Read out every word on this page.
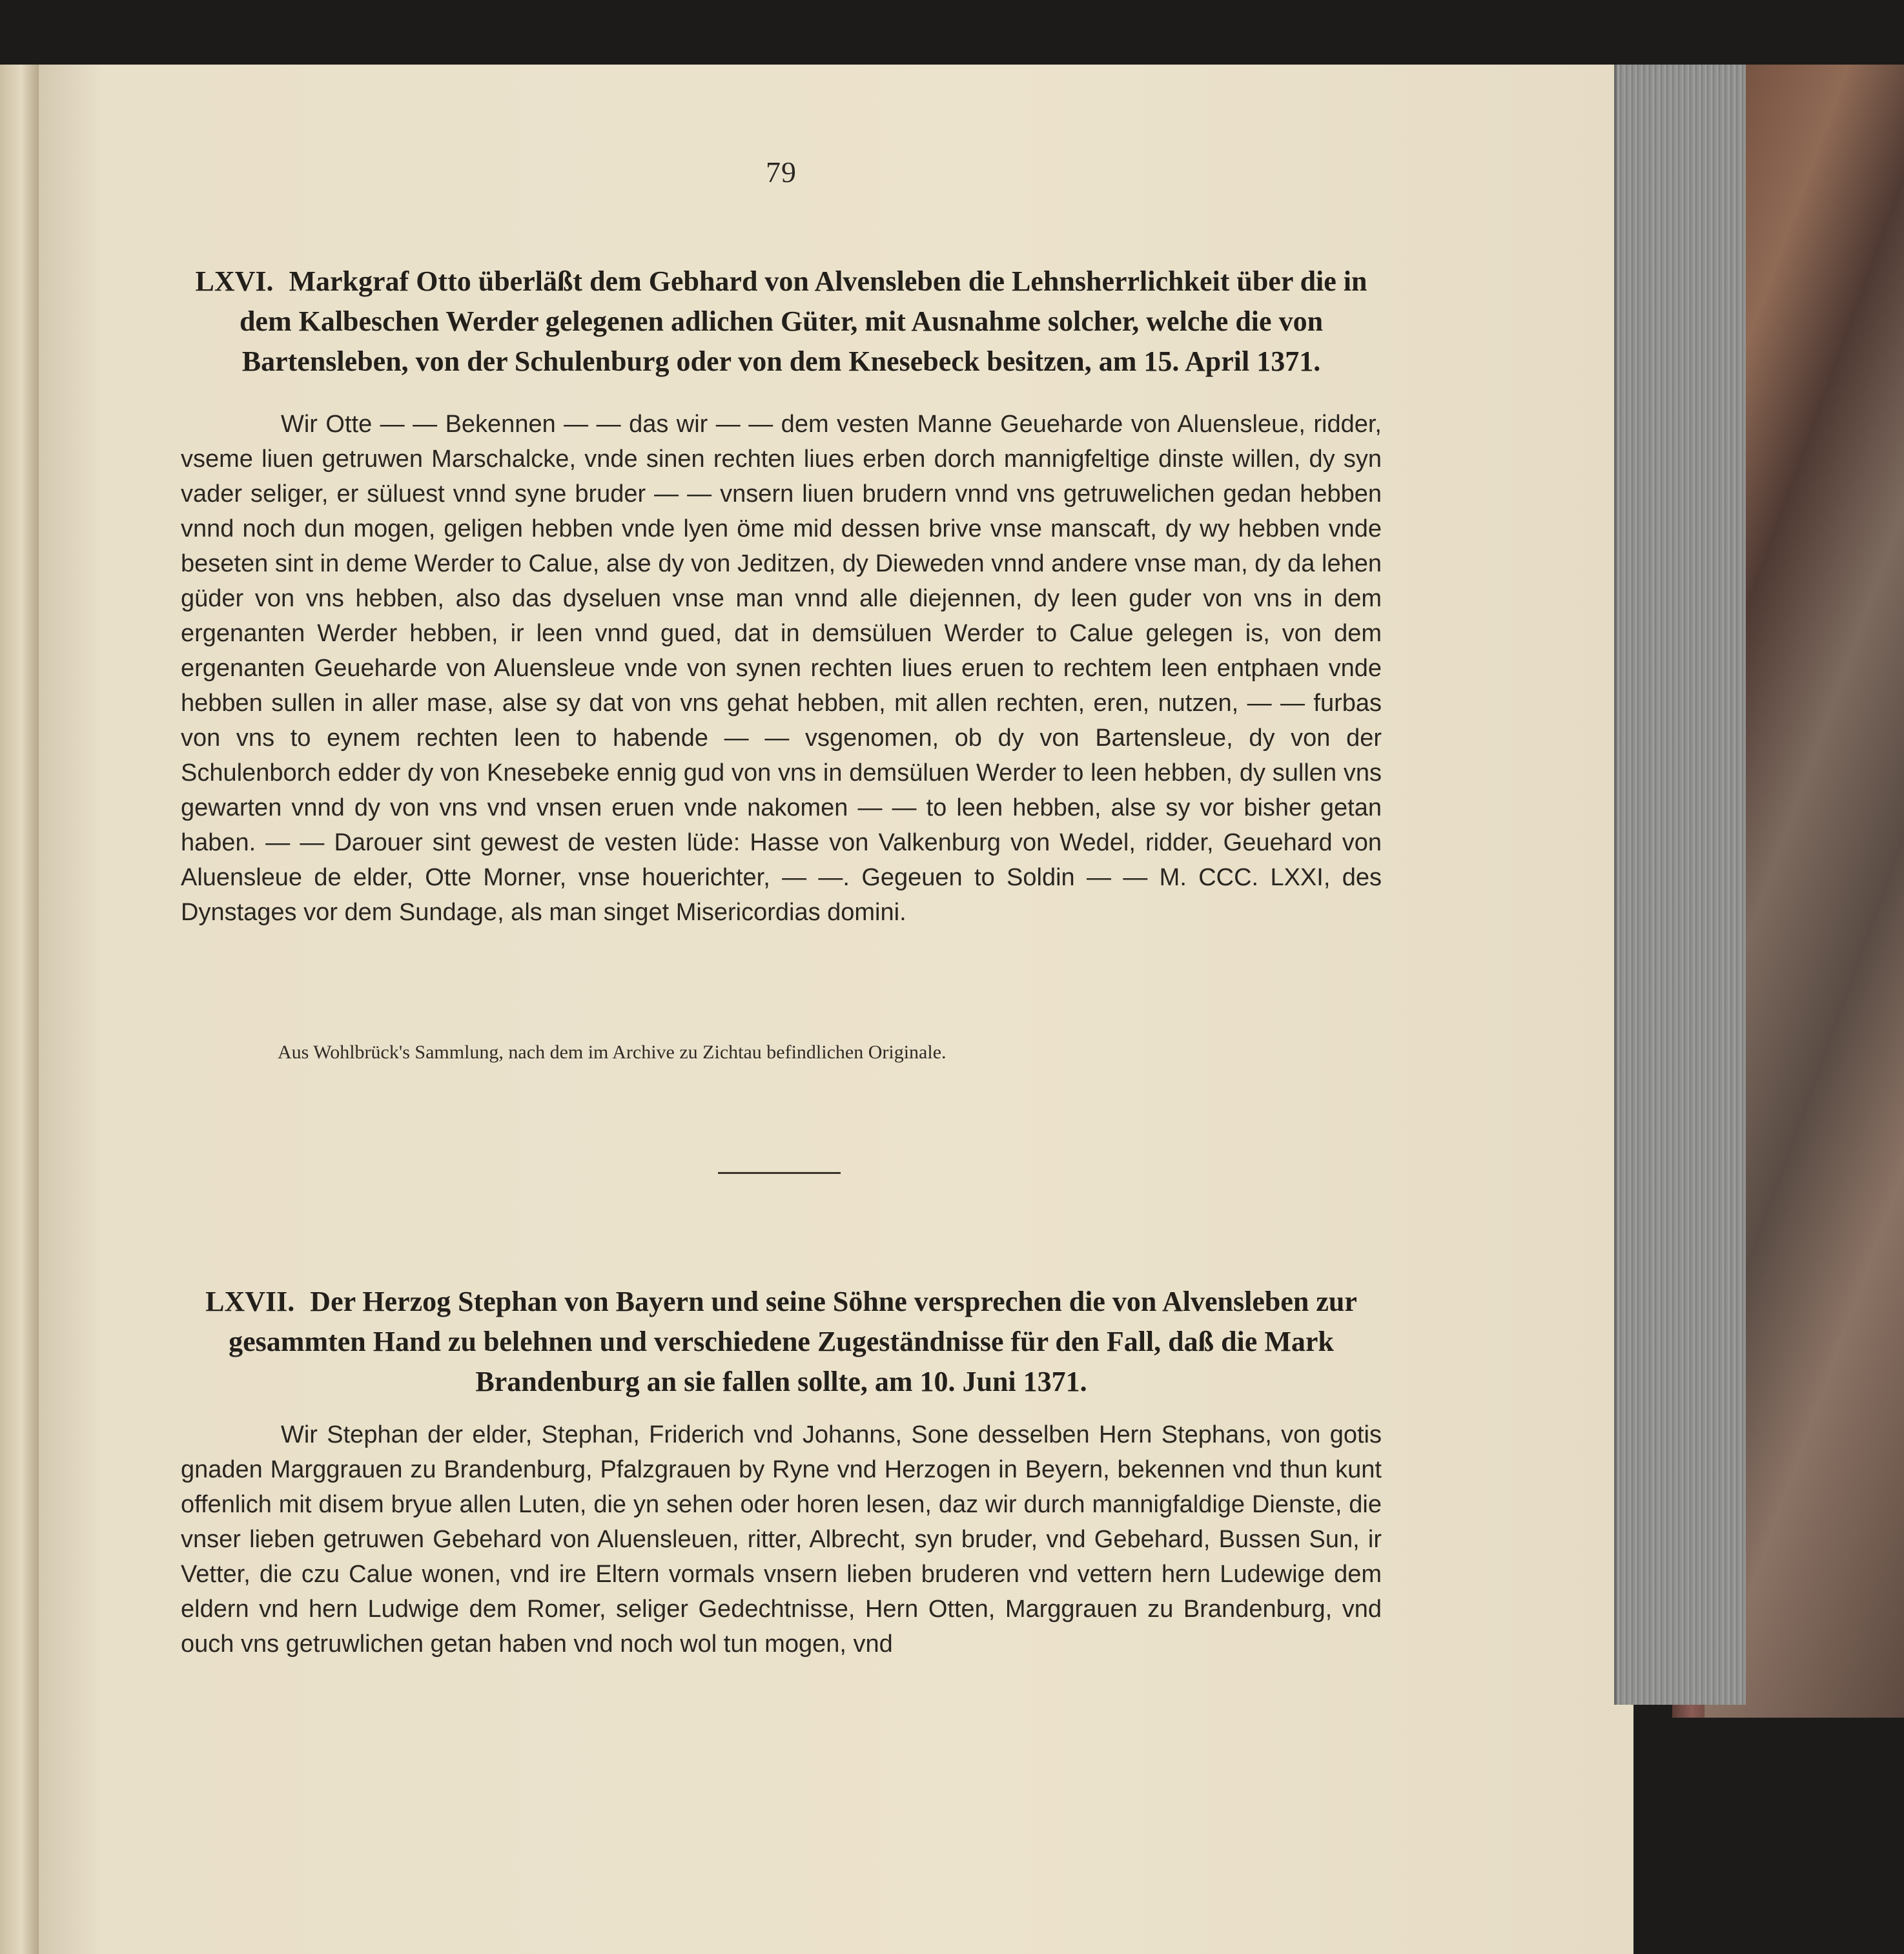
79
LXVI. Markgraf Otto überläßt dem Gebhard von Alvensleben die Lehnsherrlichkeit über die in dem Kalbeschen Werder gelegenen adlichen Güter, mit Ausnahme solcher, welche die von Bartensleben, von der Schulenburg oder von dem Knesebeck besitzen, am 15. April 1371.

Wir Otte — — Bekennen — — das wir — — dem vesten Manne Geueharde von Aluensleue, ridder, vseme liuen getruwen Marschalcke, vnde sinen rechten liues erben dorch mannigfeltige dinste willen, dy syn vader seliger, er süluest vnnd syne bruder — — vnsern liuen brudern vnnd vns getruwelichen gedan hebben vnnd noch dun mogen, geligen hebben vnde lyen öme mid dessen brive vnse manscaft, dy wy hebben vnde beseten sint in deme Werder to Calue, alse dy von Jeditzen, dy Dieweden vnnd andere vnse man, dy da lehen güder von vns hebben, also das dyseluen vnse man vnnd alle diejennen, dy leen guder von vns in dem ergenanten Werder hebben, ir leen vnnd gued, dat in demsüluen Werder to Calue gelegen is, von dem ergenanten Geueharde von Aluensleue vnde von synen rechten liues eruen to rechtem leen entphaen vnde hebben sullen in aller mase, alse sy dat von vns gehat hebben, mit allen rechten, eren, nutzen, — — furbas von vns to eynem rechten leen to habende — — vsgenomen, ob dy von Bartensleue, dy von der Schulenborch edder dy von Knesebeke ennig gud von vns in demsüluen Werder to leen hebben, dy sullen vns gewarten vnnd dy von vns vnd vnsen eruen vnde nakomen — — to leen hebben, alse sy vor bisher getan haben. — — Darouer sint gewest de vesten lüde: Hasse von Valkenburg von Wedel, ridder, Geuehard von Aluensleue de elder, Otte Morner, vnse houerichter, — —. Gegeuen to Soldin — — M. CCC. LXXI, des Dynstages vor dem Sundage, als man singet Misericordias domini.

Aus Wohlbrück's Sammlung, nach dem im Archive zu Zichtau befindlichen Originale.
LXVII. Der Herzog Stephan von Bayern und seine Söhne versprechen die von Alvensleben zur gesammten Hand zu belehnen und verschiedene Zugeständnisse für den Fall, daß die Mark Brandenburg an sie fallen sollte, am 10. Juni 1371.

Wir Stephan der elder, Stephan, Friderich vnd Johanns, Sone desselben Hern Stephans, von gotis gnaden Marggrauen zu Brandenburg, Pfalzgrauen by Ryne vnd Herzogen in Beyern, bekennen vnd thun kunt offenlich mit disem bryue allen Luten, die yn sehen oder horen lesen, daz wir durch mannigfaldige Dienste, die vnser lieben getruwen Gebehard von Aluensleuen, ritter, Albrecht, syn bruder, vnd Gebehard, Bussen Sun, ir Vetter, die czu Calue wonen, vnd ire Eltern vormals vnsern lieben bruderen vnd vettern hern Ludewige dem eldern vnd hern Ludwige dem Romer, seliger Gedechtnisse, Hern Otten, Marggrauen zu Brandenburg, vnd ouch vns getruwlichen getan haben vnd noch wol tun mogen, vnd
